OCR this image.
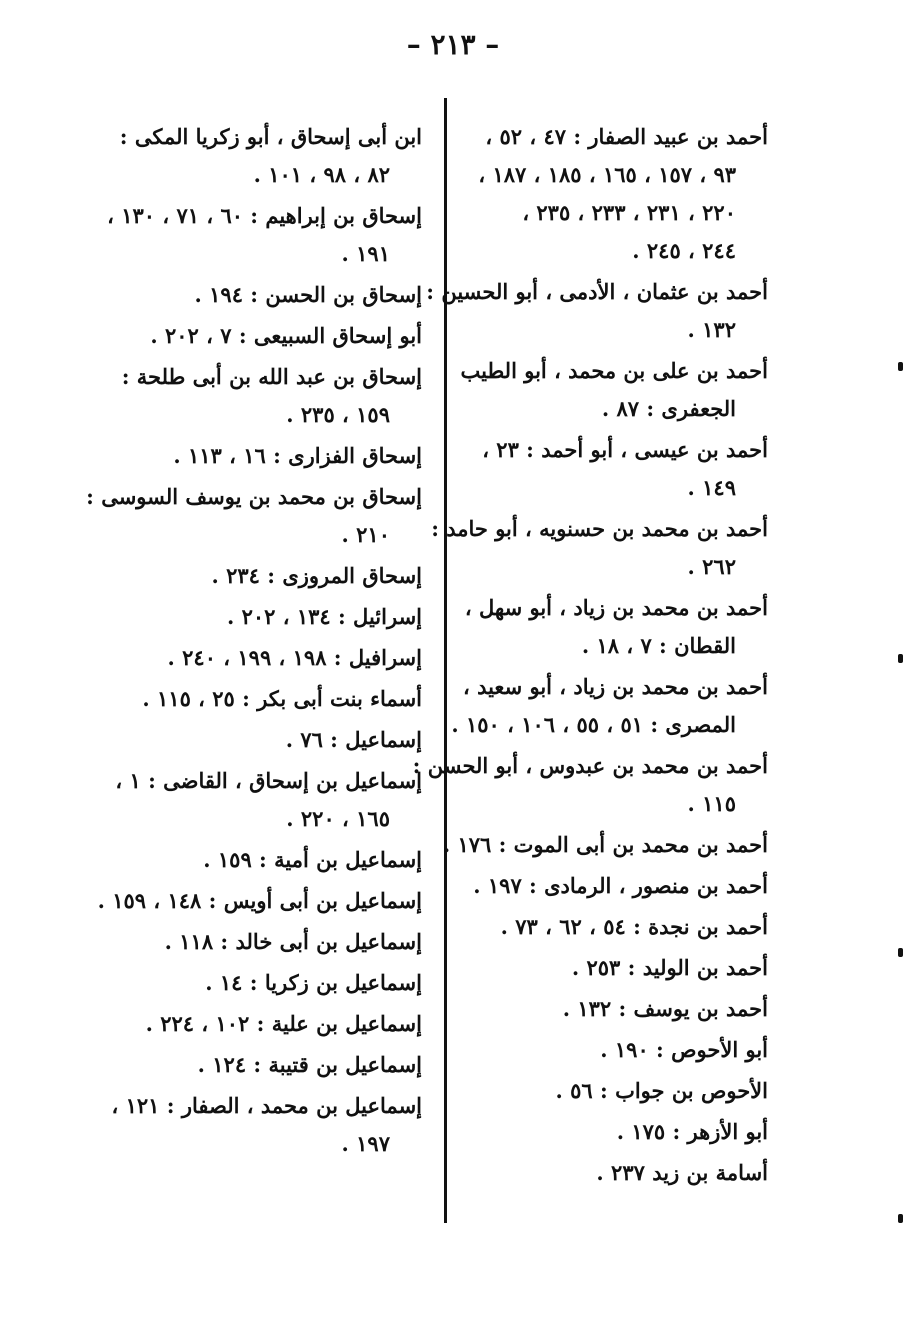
– ٢١٣ –
أحمد بن عبيد الصفار : ٤٧ ، ٥٢ ،
٩٣ ، ١٥٧ ، ١٦٥ ، ١٨٥ ، ١٨٧ ،
٢٢٠ ، ٢٣١ ، ٢٣٣ ، ٢٣٥ ،
٢٤٤ ، ٢٤٥ .
أحمد بن عثمان ، الأدمى ، أبو الحسين :
١٣٢ .
أحمد بن على بن محمد ، أبو الطيب
الجعفرى : ٨٧ .
أحمد بن عيسى ، أبو أحمد : ٢٣ ،
١٤٩ .
أحمد بن محمد بن حسنويه ، أبو حامد :
٢٦٢ .
أحمد بن محمد بن زياد ، أبو سهل ،
القطان : ٧ ، ١٨ .
أحمد بن محمد بن زياد ، أبو سعيد ،
المصرى : ٥١ ، ٥٥ ، ١٠٦ ، ١٥٠ .
أحمد بن محمد بن عبدوس ، أبو الحسن :
١١٥ .
أحمد بن محمد بن أبى الموت : ١٧٦ .
أحمد بن منصور ، الرمادى : ١٩٧ .
أحمد بن نجدة : ٥٤ ، ٦٢ ، ٧٣ .
أحمد بن الوليد : ٢٥٣ .
أحمد بن يوسف : ١٣٢ .
أبو الأحوص : ١٩٠ .
الأحوص بن جواب : ٥٦ .
أبو الأزهر : ١٧٥ .
أسامة بن زيد ٢٣٧ .
ابن أبى إسحاق ، أبو زكريا المكى :
٨٢ ، ٩٨ ، ١٠١ .
إسحاق بن إبراهيم : ٦٠ ، ٧١ ، ١٣٠ ،
١٩١ .
إسحاق بن الحسن : ١٩٤ .
أبو إسحاق السبيعى : ٧ ، ٢٠٢ .
إسحاق بن عبد الله بن أبى طلحة :
١٥٩ ، ٢٣٥ .
إسحاق الفزارى : ١٦ ، ١١٣ .
إسحاق بن محمد بن يوسف السوسى :
٢١٠ .
إسحاق المروزى : ٢٣٤ .
إسرائيل : ١٣٤ ، ٢٠٢ .
إسرافيل : ١٩٨ ، ١٩٩ ، ٢٤٠ .
أسماء بنت أبى بكر : ٢٥ ، ١١٥ .
إسماعيل : ٧٦ .
إسماعيل بن إسحاق ، القاضى : ١ ،
١٦٥ ، ٢٢٠ .
إسماعيل بن أمية : ١٥٩ .
إسماعيل بن أبى أويس : ١٤٨ ، ١٥٩ .
إسماعيل بن أبى خالد : ١١٨ .
إسماعيل بن زكريا : ١٤ .
إسماعيل بن علية : ١٠٢ ، ٢٢٤ .
إسماعيل بن قتيبة : ١٢٤ .
إسماعيل بن محمد ، الصفار : ١٢١ ،
١٩٧ .
